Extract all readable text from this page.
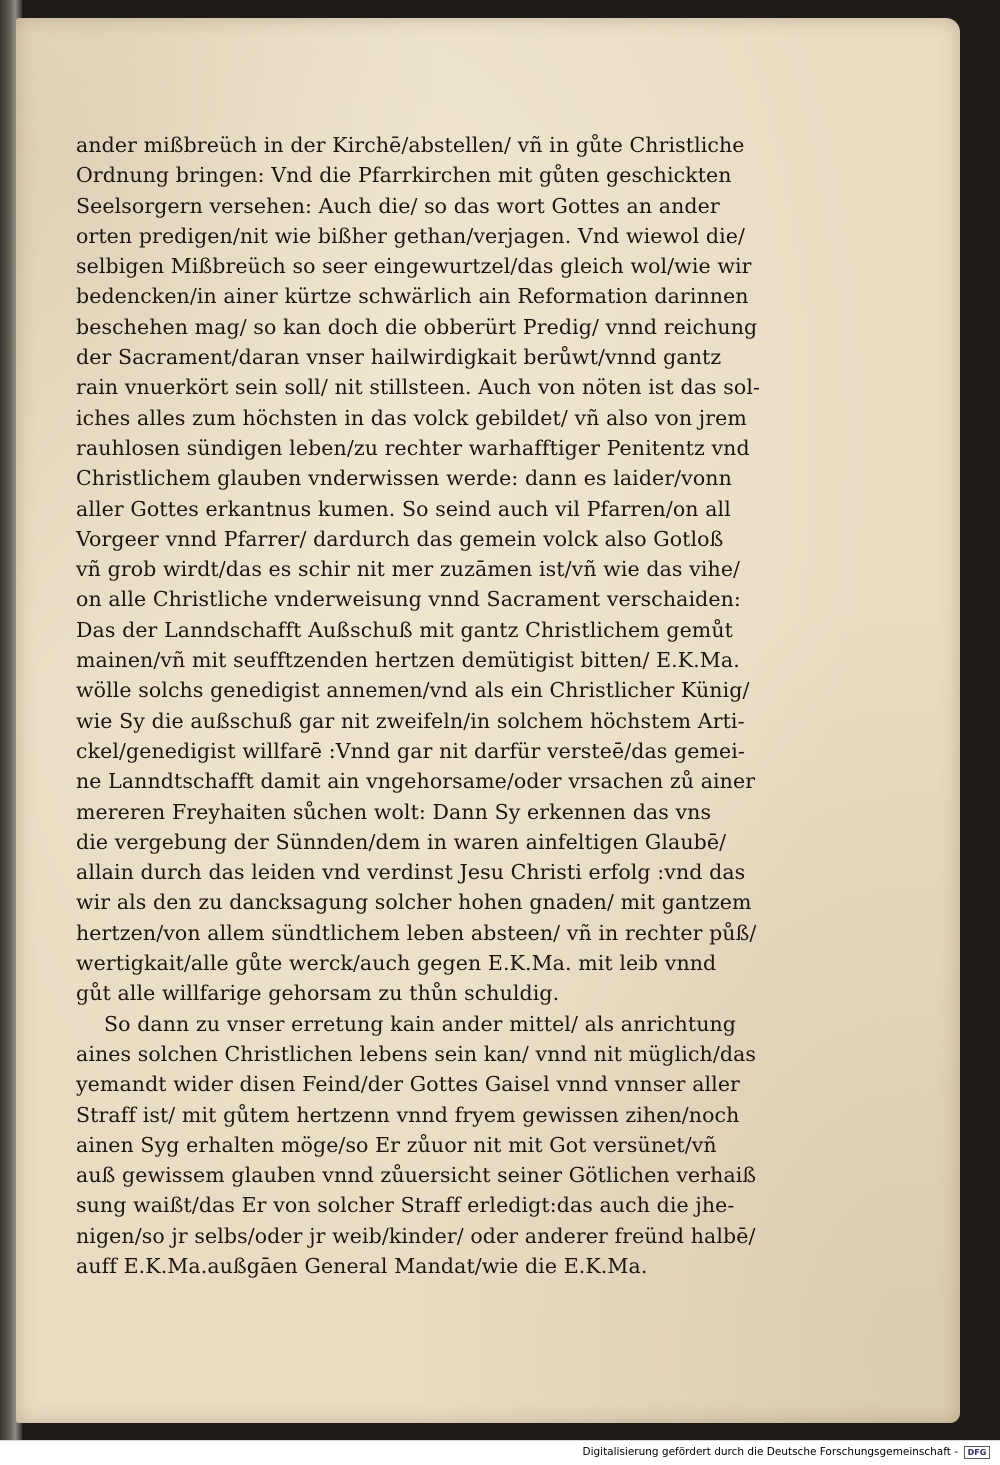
ander mißbreüch in der Kirchē/abstellen/ vñ in gůte Christliche
Ordnung bringen: Vnd die Pfarrkirchen mit gůten geschickten
Seelsorgern versehen: Auch die/ so das wort Gottes an ander
orten predigen/nit wie bißher gethan/verjagen. Vnd wiewol die/
selbigen Mißbreüch so seer eingewurtzel/das gleich wol/wie wir
bedencken/in ainer kürtze schwärlich ain Reformation darinnen
beschehen mag/ so kan doch die obberürt Predig/ vnnd reichung
der Sacrament/daran vnser hailwirdigkait berůwt/vnnd gantz
rain vnuerkört sein soll/ nit stillsteen. Auch von nöten ist das sol-
iches alles zum höchsten in das volck gebildet/ vñ also von jrem
rauhlosen sündigen leben/zu rechter warhafftiger Penitentz vnd
Christlichem glauben vnderwissen werde: dann es laider/vonn
aller Gottes erkantnus kumen. So seind auch vil Pfarren/on all
Vorgeer vnnd Pfarrer/ dardurch das gemein volck also Gotloß
vñ grob wirdt/das es schir nit mer zuzāmen ist/vñ wie das vihe/
on alle Christliche vnderweisung vnnd Sacrament verschaiden:
Das der Lanndschafft Außschuß mit gantz Christlichem gemůt
mainen/vñ mit seufftzenden hertzen demütigist bitten/ E.K.Ma.
wölle solchs genedigist annemen/vnd als ein Christlicher Künig/
wie Sy die außschuß gar nit zweifeln/in solchem höchstem Arti-
ckel/genedigist willfarē :Vnnd gar nit darfür versteē/das gemei-
ne Lanndtschafft damit ain vngehorsame/oder vrsachen zů ainer
mereren Freyhaiten sůchen wolt: Dann Sy erkennen das vns
die vergebung der Sünnden/dem in waren ainfeltigen Glaubē/
allain durch das leiden vnd verdinst Jesu Christi erfolg :vnd das
wir als den zu dancksagung solcher hohen gnaden/ mit gantzem
hertzen/von allem sündtlichem leben absteen/ vñ in rechter půß/
wertigkait/alle gůte werck/auch gegen E.K.Ma. mit leib vnnd
gůt alle willfarige gehorsam zu thůn schuldig.
So dann zu vnser erretung kain ander mittel/ als anrichtung
aines solchen Christlichen lebens sein kan/ vnnd nit müglich/das
yemandt wider disen Feind/der Gottes Gaisel vnnd vnnser aller
Straff ist/ mit gůtem hertzenn vnnd fryem gewissen zihen/noch
ainen Syg erhalten möge/so Er zůuor nit mit Got versünet/vñ
auß gewissem glauben vnnd zůuersicht seiner Götlichen verhaiß
sung waißt/das Er von solcher Straff erledigt:das auch die jhe-
nigen/so jr selbs/oder jr weib/kinder/ oder anderer freünd halbē/
auff E.K.Ma.außgāen General Mandat/wie die E.K.Ma.
Digitalisierung gefördert durch die Deutsche Forschungsgemeinschaft -	DFG
